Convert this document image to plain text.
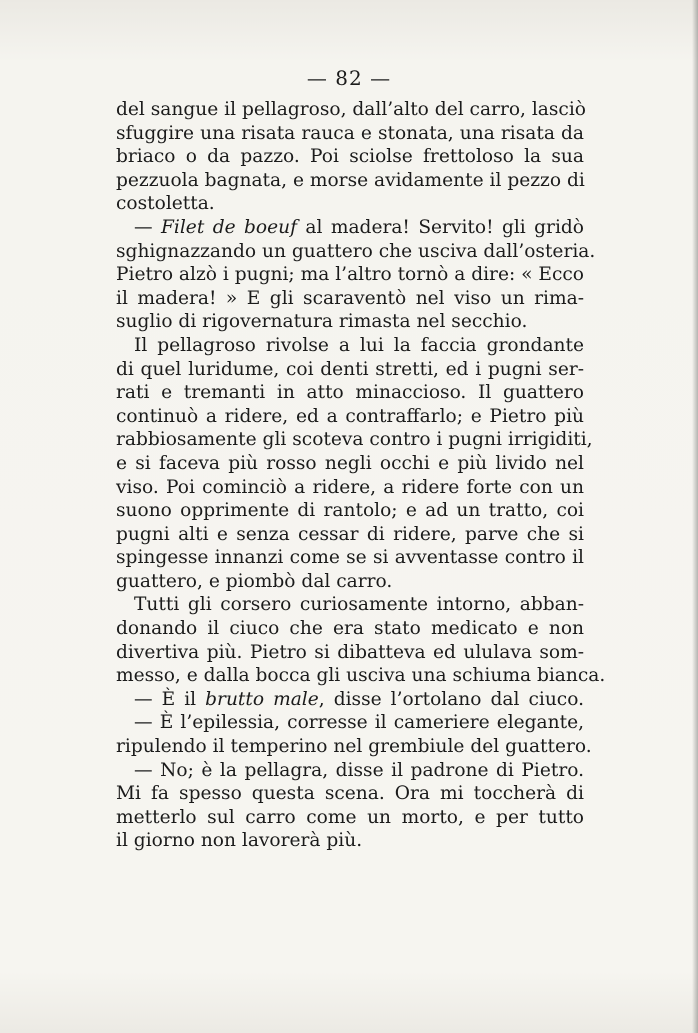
— 82 —
del sangue il pellagroso, dall’alto del carro, lasciò
sfuggire una risata rauca e stonata, una risata da
briaco o da pazzo. Poi sciolse frettoloso la sua
pezzuola bagnata, e morse avidamente il pezzo di
costoletta.
— Filet de boeuf al madera! Servito! gli gridò
sghignazzando un guattero che usciva dall’osteria.
Pietro alzò i pugni; ma l’altro tornò a dire: « Ecco
il madera! » E gli scaraventò nel viso un rima-
suglio di rigovernatura rimasta nel secchio.
Il pellagroso rivolse a lui la faccia grondante
di quel luridume, coi denti stretti, ed i pugni ser-
rati e tremanti in atto minaccioso. Il guattero
continuò a ridere, ed a contraffarlo; e Pietro più
rabbiosamente gli scoteva contro i pugni irrigiditi,
e si faceva più rosso negli occhi e più livido nel
viso. Poi cominciò a ridere, a ridere forte con un
suono opprimente di rantolo; e ad un tratto, coi
pugni alti e senza cessar di ridere, parve che si
spingesse innanzi come se si avventasse contro il
guattero, e piombò dal carro.
Tutti gli corsero curiosamente intorno, abban-
donando il ciuco che era stato medicato e non
divertiva più. Pietro si dibatteva ed ululava som-
messo, e dalla bocca gli usciva una schiuma bianca.
— È il brutto male, disse l’ortolano dal ciuco.
— È l’epilessia, corresse il cameriere elegante,
ripulendo il temperino nel grembiule del guattero.
— No; è la pellagra, disse il padrone di Pietro.
Mi fa spesso questa scena. Ora mi toccherà di
metterlo sul carro come un morto, e per tutto
il giorno non lavorerà più.
